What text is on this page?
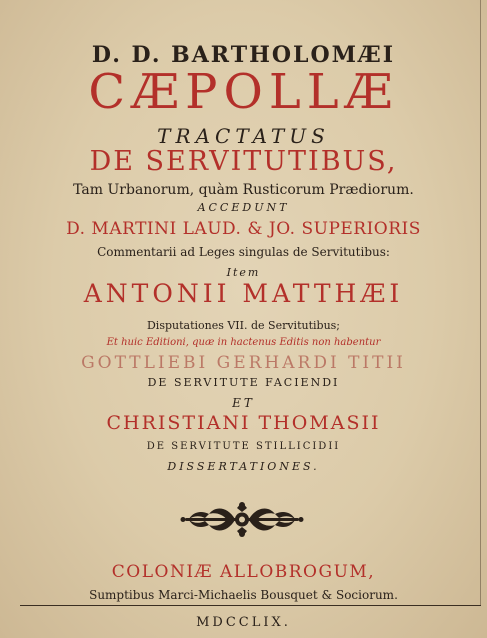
D. D. BARTHOLOMÆI
CÆPOLLÆ
TRACTATUS
DE SERVITUTIBUS,
Tam Urbanorum, quàm Rusticorum Prædiorum.
ACCEDUNT
D. MARTINI LAUD. & JO. SUPERIORIS
Commentarii ad Leges singulas de Servitutibus:
Item
ANTONII MATTHÆI
Disputationes VII. de Servitutibus;
Et huic Editioni, quæ in hactenus Editis non habentur
GOTTLIEBI GERHARDI TITII
DE SERVITUTE FACIENDI
ET
CHRISTIANI THOMASII
DE SERVITUTE STILLICIDII
DISSERTATIONES.
COLONIÆ ALLOBROGUM,
Sumptibus Marci-Michaelis Bousquet & Sociorum.
MDCCLIX.
